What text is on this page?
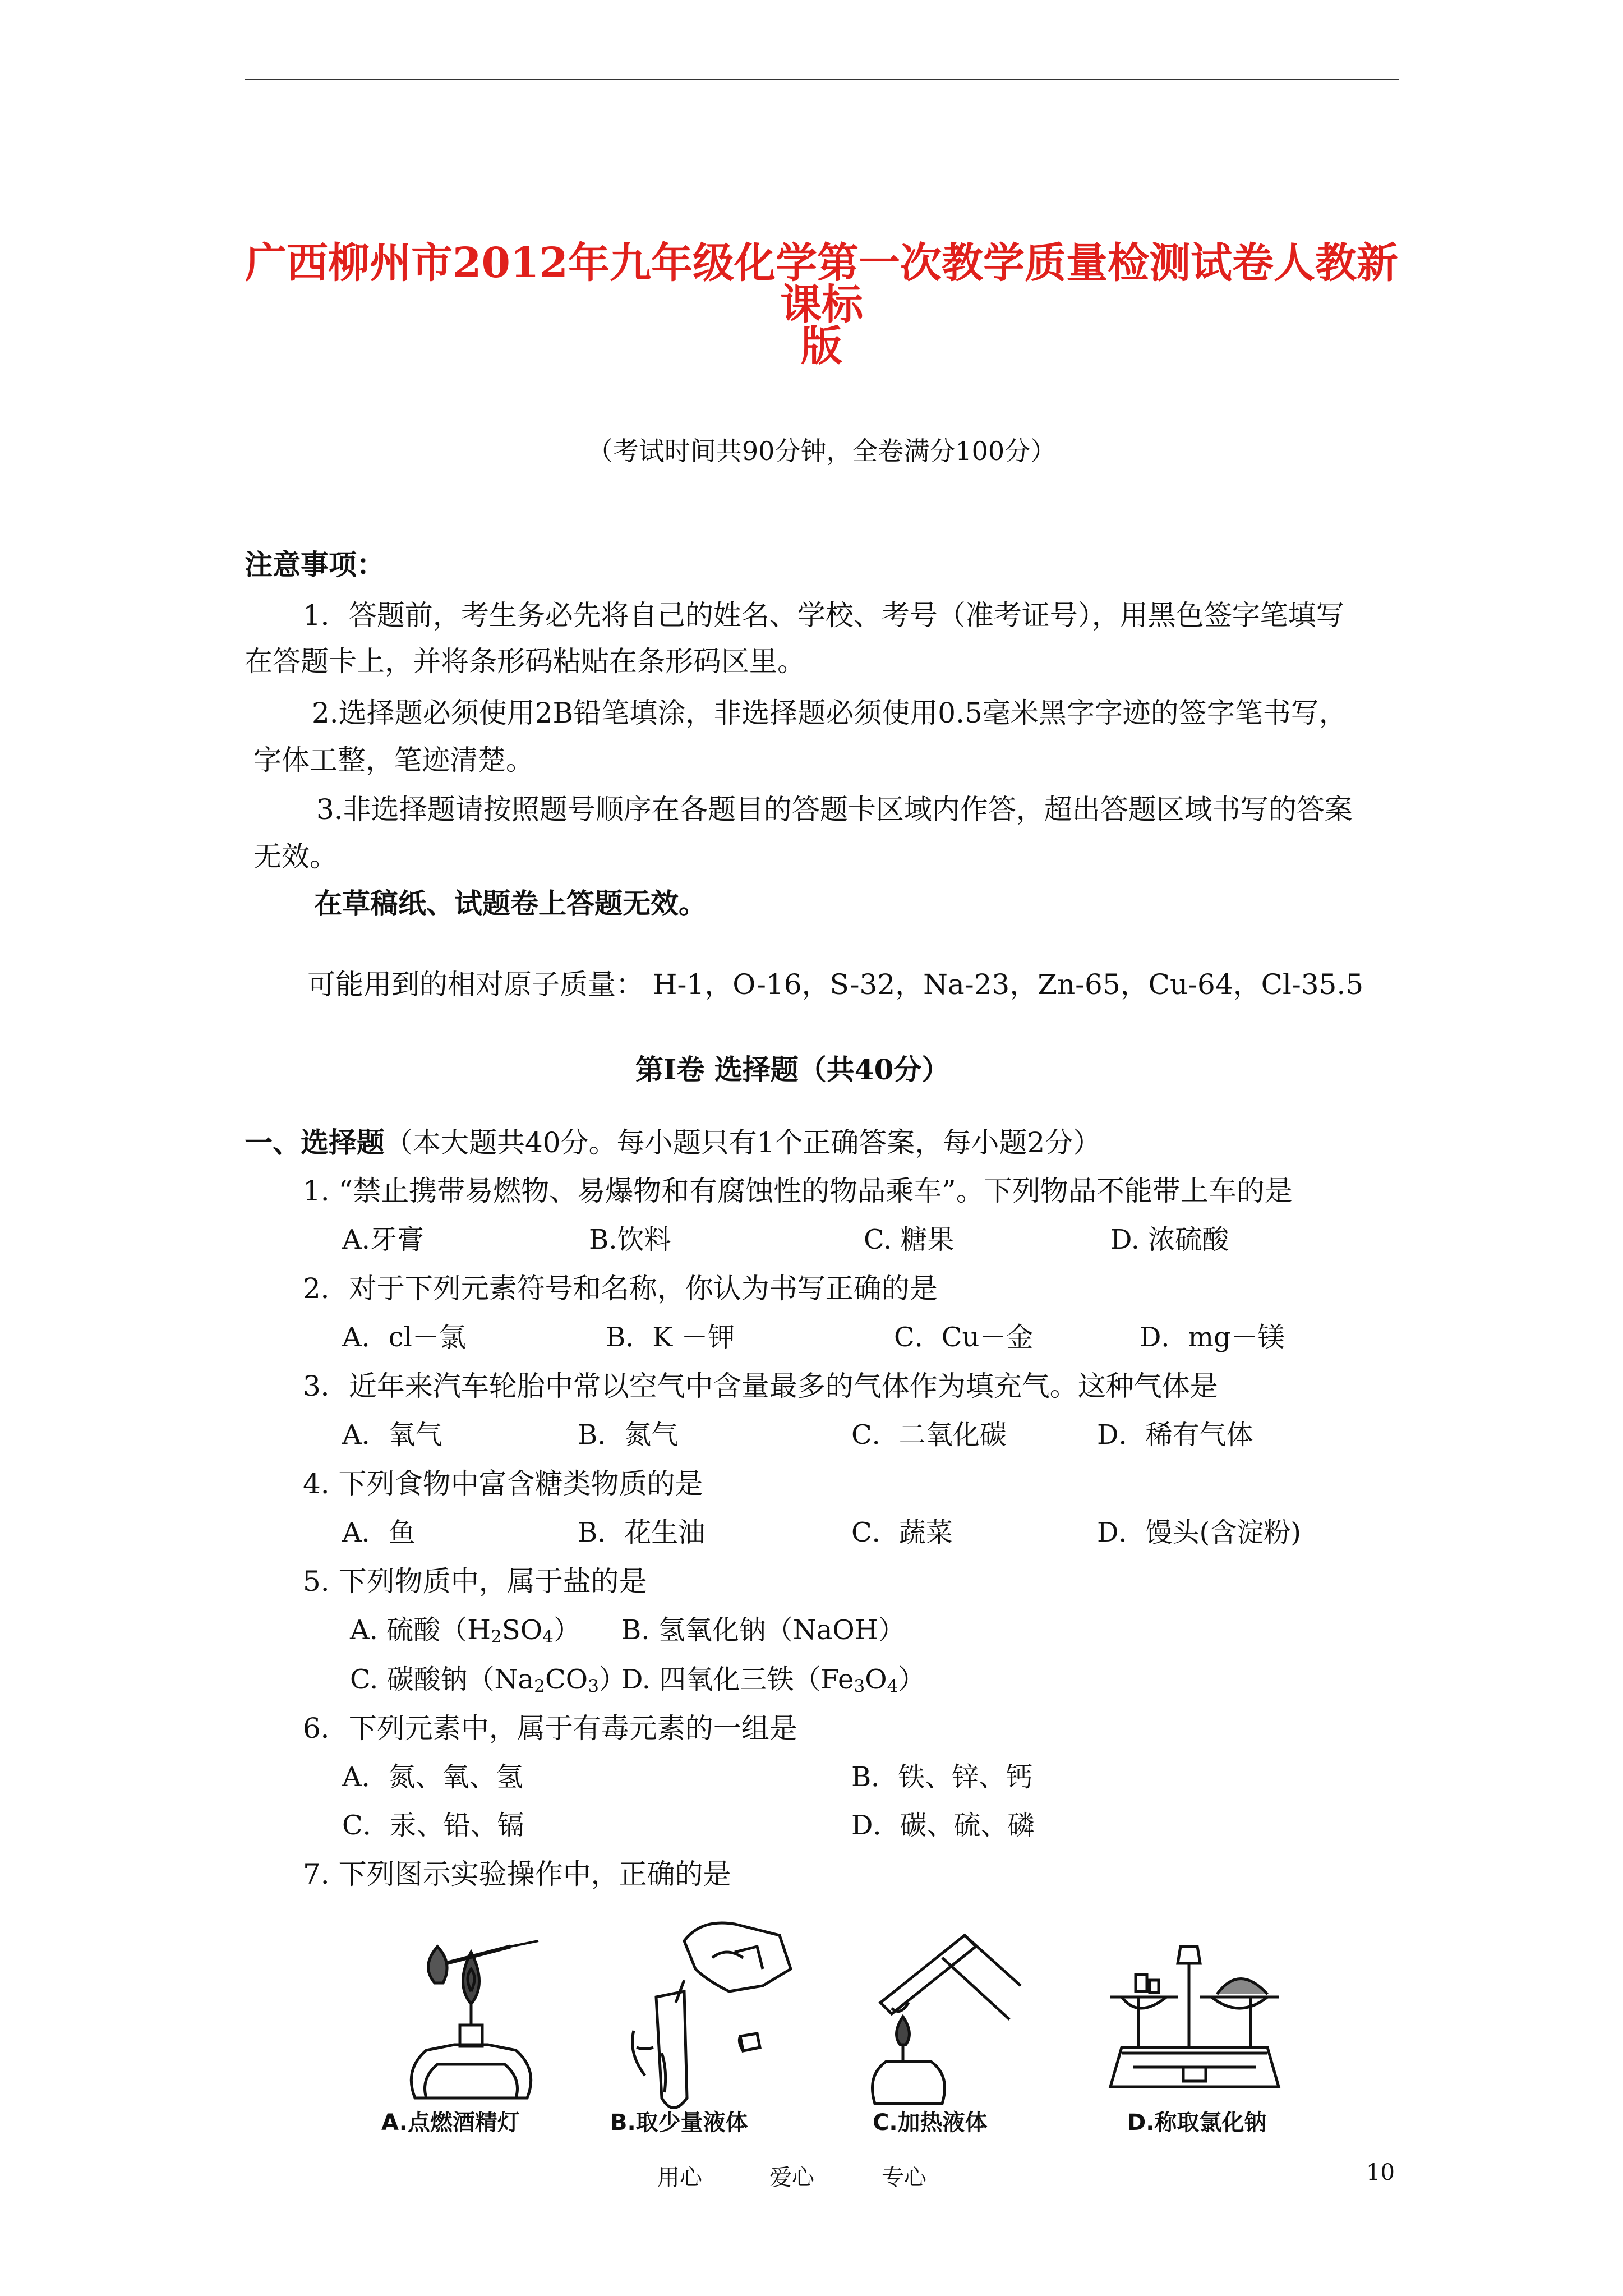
广西柳州市2012年九年级化学第一次教学质量检测试卷人教新课标
版
（考试时间共90分钟，全卷满分100分）
注意事项：
1．答题前，考生务必先将自己的姓名、学校、考号（准考证号），用黑色签字笔填写
在答题卡上，并将条形码粘贴在条形码区里。
2.选择题必须使用2B铅笔填涂，非选择题必须使用0.5毫米黑字字迹的签字笔书写，
字体工整，笔迹清楚。
3.非选择题请按照题号顺序在各题目的答题卡区域内作答，超出答题区域书写的答案
无效。
在草稿纸、试题卷上答题无效。
可能用到的相对原子质量： H-1，O-16，S-32，Na-23，Zn-65，Cu-64，Cl-35.5
第Ⅰ卷 选择题（共40分）
一、选择题（本大题共40分。每小题只有1个正确答案，每小题2分）
1. “禁止携带易燃物、易爆物和有腐蚀性的物品乘车”。下列物品不能带上车的是
A.牙膏	B.饮料	C. 糖果	D. 浓硫酸
2．对于下列元素符号和名称，你认为书写正确的是
A．cl－氯	B．K －钾	C．Cu－金	D．mg－镁
3．近年来汽车轮胎中常以空气中含量最多的气体作为填充气。这种气体是
A．氧气	B．氮气	C．二氧化碳	D．稀有气体
4. 下列食物中富含糖类物质的是
A．鱼	B．花生油	C．蔬菜	D．馒头(含淀粉)
5. 下列物质中，属于盐的是
A. 硫酸$(H_2SO_4)$ B. 氢氧化钠（NaOH）
C. 碳酸钠$(Na_2CO_3)$
D. 四氧化三铁$(Fe_3O_4)$
6．下列元素中，属于有毒元素的一组是
A．氮、氧、氢	B．铁、锌、钙
C．汞、铅、镉	D．碳、硫、磷
7. 下列图示实验操作中，正确的是
A.点燃酒精灯	B.取少量液体	C.加热液体	D.称取氯化钠
用心	爱心	专心	10
